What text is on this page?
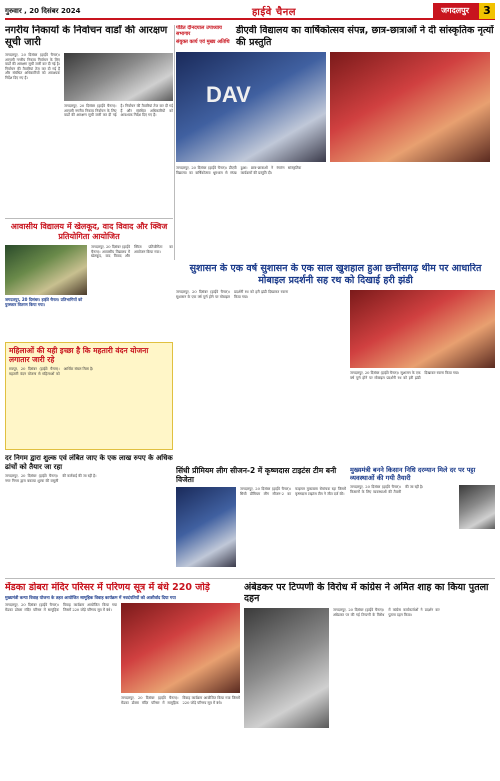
गुरुवार , 20 दिसंबर 2024	हाईवे चैनल	जगदलपुर	3
नगरीय निकायों के निर्वाचन वार्डों की आरक्षण सूची जारी
जगदलपुर, 20 दिसंबर (हाईवे चैनल)। आगामी नगरीय निकाय निर्वाचन के लिए वार्डों की आरक्षण सूची जारी कर दी गई है। निर्वाचन की तैयारियां तेज कर दी गई हैं और संबंधित अधिकारियों को आवश्यक निर्देश दिए गए हैं।
जगदलपुर, 20 दिसंबर (हाईवे चैनल)। आगामी नगरीय निकाय निर्वाचन के लिए वार्डों की आरक्षण सूची जारी कर दी गई है। निर्वाचन की तैयारियां तेज कर दी गई हैं और संबंधित अधिकारियों को आवश्यक निर्देश दिए गए हैं।
पंडित दीनदयाल उपाध्याय सभागार
संयुक्त कार्य एवं मुख्य अतिथि
डीएवी विद्यालय का वार्षिकोत्सव संपन्न, छात्र-छात्राओं ने दी सांस्कृतिक नृत्यों की प्रस्तुति
DAV
जगदलपुर, 20 दिसंबर (हाईवे चैनल)। डीएवी विद्यालय का वार्षिकोत्सव धूमधाम से संपन्न हुआ। छात्र-छात्राओं ने रंगारंग सांस्कृतिक कार्यक्रमों की प्रस्तुति दी।
आवासीय विद्यालय में खेलकूद, वाद विवाद और क्विज प्रतियोगिता आयोजित
जगदलपुर, 20 दिसंबर। हाईवे चैनल। प्रतिभागियों को पुरस्कार वितरण किया गया।
जगदलपुर, 20 दिसंबर (हाईवे चैनल)। आवासीय विद्यालय में खेलकूद, वाद विवाद और क्विज प्रतियोगिता का आयोजन किया गया।
सुशासन के एक वर्ष सुशासन के एक साल खुशहाल हुआ छत्तीसगढ़ थीम पर आधारित मोबाइल प्रदर्शनी सह रथ को दिखाई हरी झंडी
जगदलपुर, 20 दिसंबर (हाईवे चैनल)। सुशासन के एक वर्ष पूर्ण होने पर मोबाइल प्रदर्शनी रथ को हरी झंडी दिखाकर रवाना किया गया।
जगदलपुर, 20 दिसंबर (हाईवे चैनल)। सुशासन के एक वर्ष पूर्ण होने पर मोबाइल प्रदर्शनी रथ को हरी झंडी दिखाकर रवाना किया गया।
महिलाओं की यही इच्छा है कि महतारी वंदन योजना लगातार जारी रहे
रायपुर, 20 दिसंबर (हाईवे चैनल)। महतारी वंदन योजना से महिलाओं को आर्थिक संबल मिला है।
दर निगम द्वारा शुल्क एवं लंबित जाए के एक लाख रुपए के अधिक ढांचों को तैयार जा रहा
जगदलपुर, 20 दिसंबर (हाईवे चैनल)। नगर निगम द्वारा बकाया शुल्क की वसूली की कार्रवाई की जा रही है।
सिंधी प्रीमियम लीग सीजन-2 में कृष्णदास टाइटंस टीम बनी विजेता
जगदलपुर, 20 दिसंबर (हाईवे चैनल)। सिंधी प्रीमियम लीग सीजन-2 का फाइनल मुकाबला रोमांचक रहा जिसमें कृष्णदास टाइटंस टीम ने जीत दर्ज की।
मुख्यमंत्री बनने किसान निधि दरम्यान मिले दर पर पट्टा व्यवस्थाओं की गयी तैयारी
जगदलपुर, 20 दिसंबर (हाईवे चैनल)। किसानों के लिए व्यवस्थाओं की तैयारी की जा रही है।
मेंडका डोबरा मंदिर परिसर में परिणय सूत्र में बंधे 220 जोड़े
मुख्यमंत्री कन्या विवाह योजना के तहत आयोजित सामूहिक विवाह कार्यक्रम में नवदंपतियों को आशीर्वाद दिया गया
जगदलपुर, 20 दिसंबर (हाईवे चैनल)। मेंडका डोबरा मंदिर परिसर में सामूहिक विवाह कार्यक्रम आयोजित किया गया जिसमें 220 जोड़े परिणय सूत्र में बंधे।
जगदलपुर, 20 दिसंबर (हाईवे चैनल)। मेंडका डोबरा मंदिर परिसर में सामूहिक विवाह कार्यक्रम आयोजित किया गया जिसमें 220 जोड़े परिणय सूत्र में बंधे।
अंबेडकर पर टिप्पणी के विरोध में कांग्रेस ने अमित शाह का किया पुतला दहन
जगदलपुर, 20 दिसंबर (हाईवे चैनल)। अंबेडकर पर की गई टिप्पणी के विरोध में कांग्रेस कार्यकर्ताओं ने प्रदर्शन कर पुतला दहन किया।
